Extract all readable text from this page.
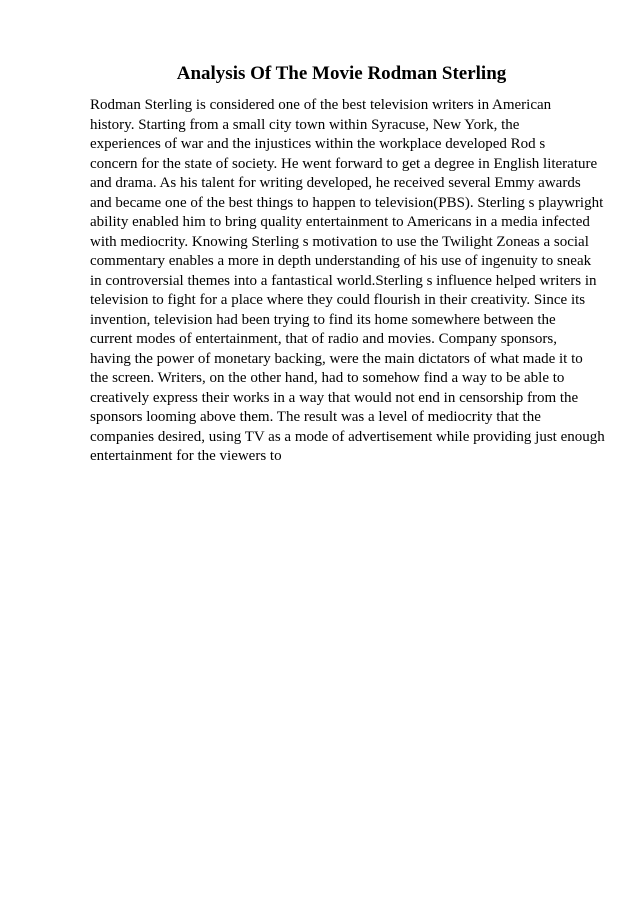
Analysis Of The Movie Rodman Sterling
Rodman Sterling is considered one of the best television writers in American
history. Starting from a small city town within Syracuse, New York, the
experiences of war and the injustices within the workplace developed Rod s
concern for the state of society. He went forward to get a degree in English literature
and drama. As his talent for writing developed, he received several Emmy awards
and became one of the best things to happen to television(PBS). Sterling s playwright
ability enabled him to bring quality entertainment to Americans in a media infected
with mediocrity. Knowing Sterling s motivation to use the Twilight Zoneas a social
commentary enables a more in depth understanding of his use of ingenuity to sneak
in controversial themes into a fantastical world.Sterling s influence helped writers in
television to fight for a place where they could flourish in their creativity. Since its
invention, television had been trying to find its home somewhere between the
current modes of entertainment, that of radio and movies. Company sponsors,
having the power of monetary backing, were the main dictators of what made it to
the screen. Writers, on the other hand, had to somehow find a way to be able to
creatively express their works in a way that would not end in censorship from the
sponsors looming above them. The result was a level of mediocrity that the
companies desired, using TV as a mode of advertisement while providing just enough
entertainment for the viewers to
